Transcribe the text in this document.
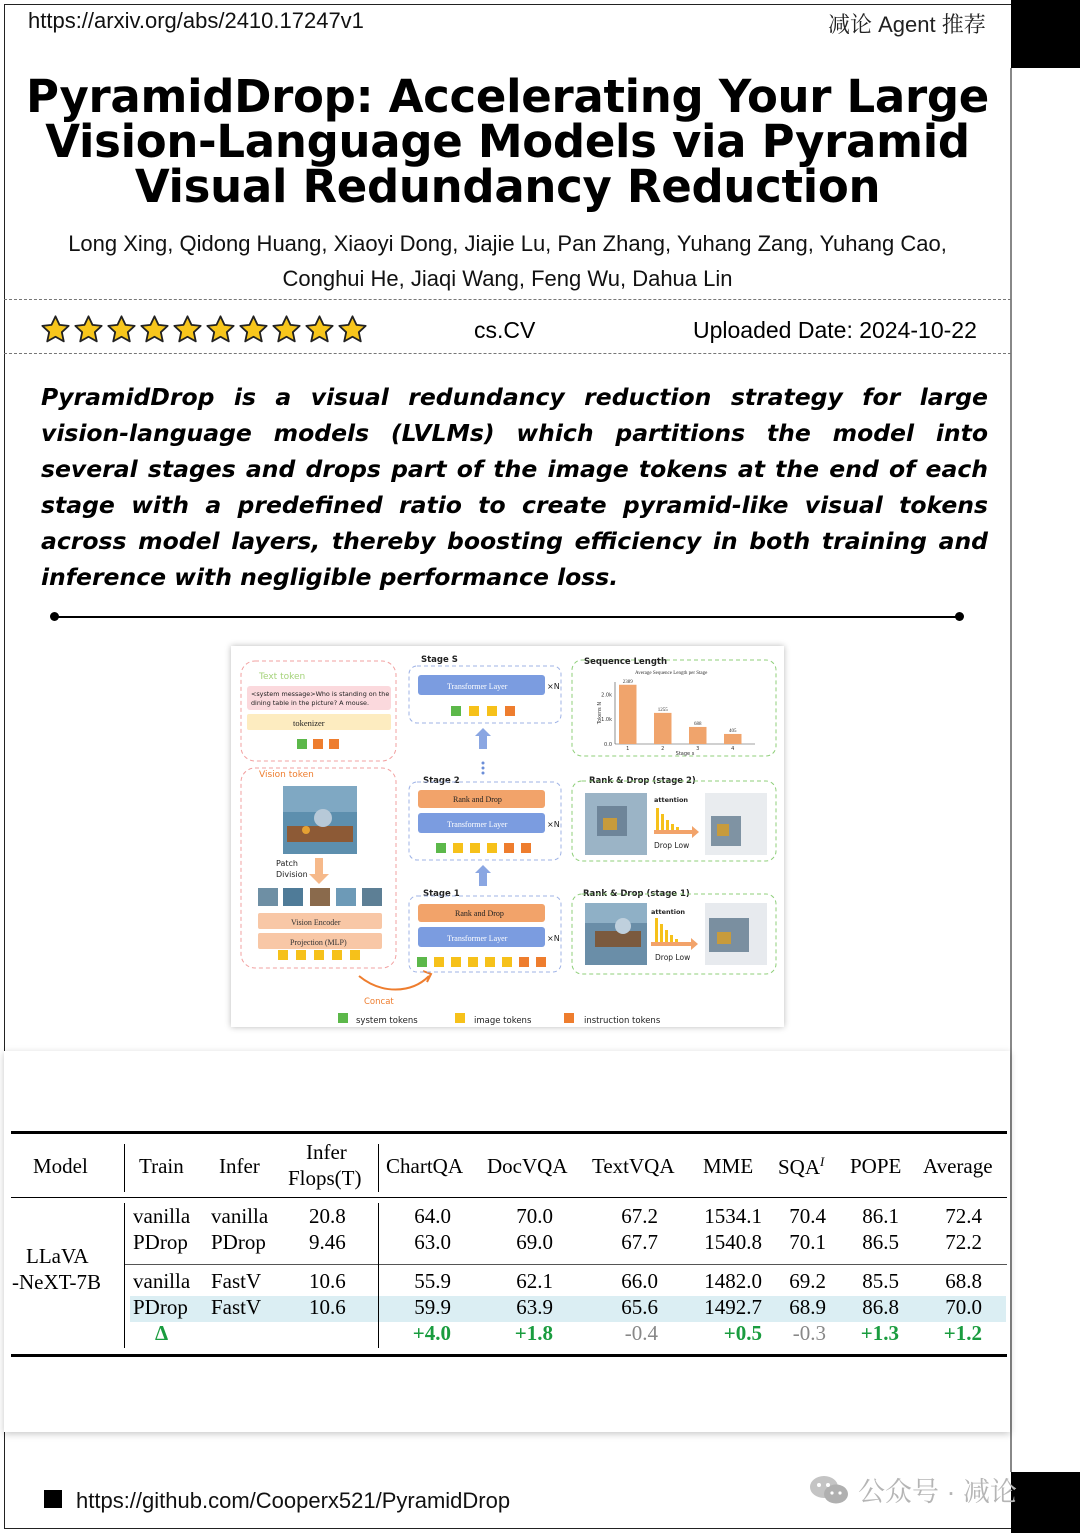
https://arxiv.org/abs/2410.17247v1	减论 Agent 推荐
PyramidDrop: Accelerating Your Large
Vision-Language Models via Pyramid
Visual Redundancy Reduction
Long Xing, Qidong Huang, Xiaoyi Dong, Jiajie Lu, Pan Zhang, Yuhang Zang, Yuhang Cao,
Conghui He, Jiaqi Wang, Feng Wu, Dahua Lin
cs.CV	Uploaded Date: 2024-10-22
PyramidDrop is a visual redundancy reduction strategy for large vision-language models (LVLMs) which partitions the model into several stages and drops part of the image tokens at the end of each stage with a predefined ratio to create pyramid-like visual tokens across model layers, thereby boosting efficiency in both training and inference with negligible performance loss.
Text token
<system message>Who is standing on the
dining table in the picture? A mouse.
tokenizer
Vision token
Patch
Division
Vision Encoder
Projection (MLP)
Concat
Stage S
Transformer Layer	×N
Stage 2
Rank and Drop
Transformer Layer	×N
Stage 1
Rank and Drop
Transformer Layer	×N
Sequence Length
Average Sequence Length per Stage
0.0
1.0k
2.0k
Tokens N
2389
1
1255
2
688
3
405
4
Stage s
Rank & Drop (stage 2)
attention
Drop Low
Rank & Drop (stage 1)
attention
Drop Low
system tokens	image tokens	instruction tokens
Model Train Infer
Infer
Flops(T) ChartQA DocVQA TextVQA MME $SQA^I$ POPE Average
LLaVA
-NeXT-7B
vanilla vanilla 20.8	64.0	70.0	67.2	1534.1	70.4	86.1	72.4
PDrop PDrop 9.46	63.0	69.0	67.7	1540.8	70.1	86.5	72.2
vanilla FastV 10.6	55.9	62.1	66.0	1482.0	69.2	85.5	68.8
PDrop FastV 10.6	59.9	63.9	65.6	1492.7	68.9	86.8	70.0
Δ	+4.0	+1.8	-0.4	+0.5	-0.3	+1.3	+1.2
https://github.com/Cooperx521/PyramidDrop	公众号 · 减论
